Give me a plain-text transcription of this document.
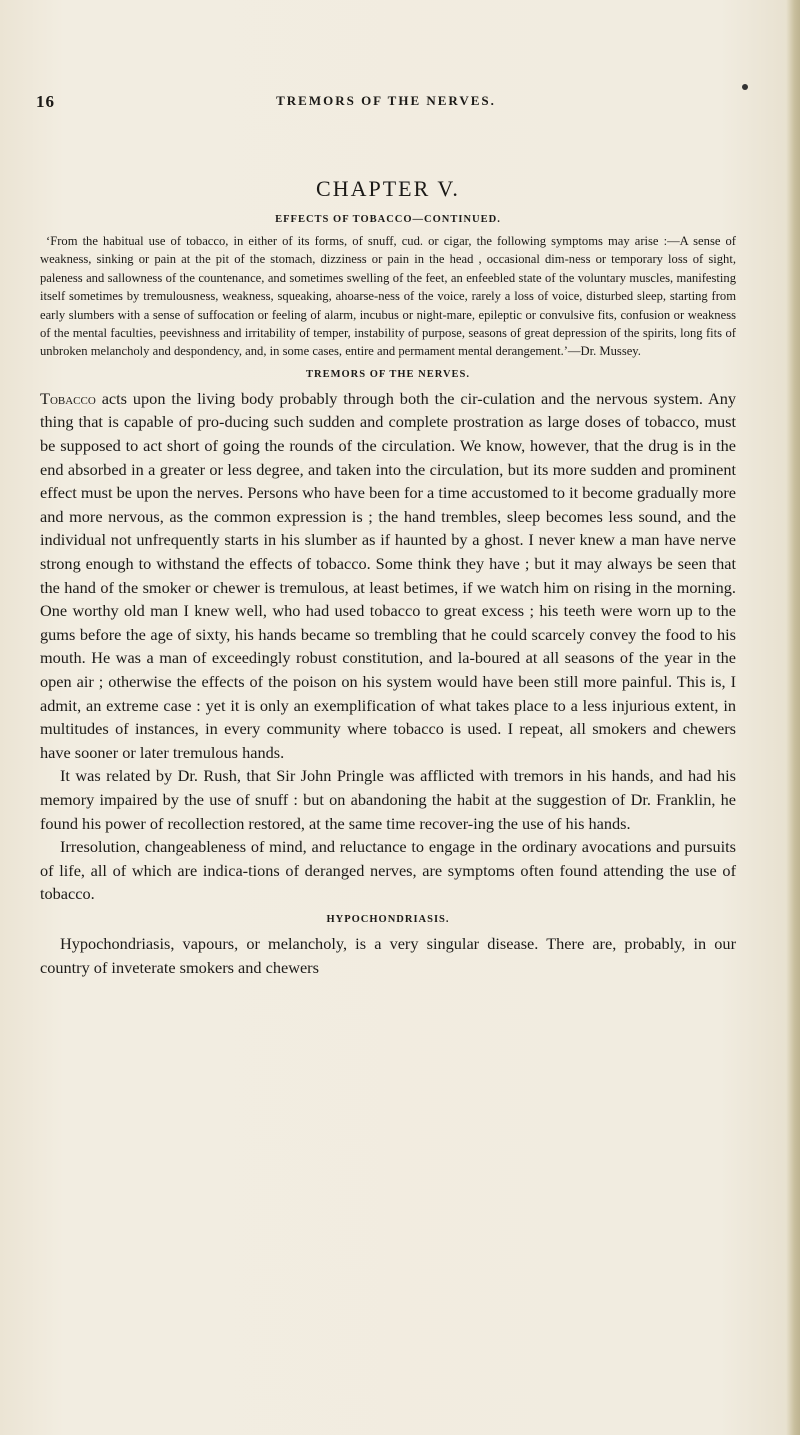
16	TREMORS OF THE NERVES.
CHAPTER V.
EFFECTS OF TOBACCO—CONTINUED.

‘From the habitual use of tobacco, in either of its forms, of snuff, cud. or cigar, the following symptoms may arise :—A sense of weakness, sinking or pain at the pit of the stomach, dizziness or pain in the head , occasional dim-ness or temporary loss of sight, paleness and sallowness of the countenance, and sometimes swelling of the feet, an enfeebled state of the voluntary muscles, manifesting itself sometimes by tremulousness, weakness, squeaking, ahoarse-ness of the voice, rarely a loss of voice, disturbed sleep, starting from early slumbers with a sense of suffocation or feeling of alarm, incubus or night-mare, epileptic or convulsive fits, confusion or weakness of the mental faculties, peevishness and irritability of temper, instability of purpose, seasons of great depression of the spirits, long fits of unbroken melancholy and despondency, and, in some cases, entire and permament mental derangement.’—Dr. Mussey.

TREMORS OF THE NERVES.

Tobacco acts upon the living body probably through both the cir-culation and the nervous system. Any thing that is capable of pro-ducing such sudden and complete prostration as large doses of tobacco, must be supposed to act short of going the rounds of the circulation. We know, however, that the drug is in the end absorbed in a greater or less degree, and taken into the circulation, but its more sudden and prominent effect must be upon the nerves. Persons who have been for a time accustomed to it become gradually more and more nervous, as the common expression is ; the hand trembles, sleep becomes less sound, and the individual not unfrequently starts in his slumber as if haunted by a ghost. I never knew a man have nerve strong enough to withstand the effects of tobacco. Some think they have ; but it may always be seen that the hand of the smoker or chewer is tremulous, at least betimes, if we watch him on rising in the morning. One worthy old man I knew well, who had used tobacco to great excess ; his teeth were worn up to the gums before the age of sixty, his hands became so trembling that he could scarcely convey the food to his mouth. He was a man of exceedingly robust constitution, and la-boured at all seasons of the year in the open air ; otherwise the effects of the poison on his system would have been still more painful. This is, I admit, an extreme case : yet it is only an exemplification of what takes place to a less injurious extent, in multitudes of instances, in every community where tobacco is used. I repeat, all smokers and chewers have sooner or later tremulous hands.

It was related by Dr. Rush, that Sir John Pringle was afflicted with tremors in his hands, and had his memory impaired by the use of snuff : but on abandoning the habit at the suggestion of Dr. Franklin, he found his power of recollection restored, at the same time recover-ing the use of his hands.

Irresolution, changeableness of mind, and reluctance to engage in the ordinary avocations and pursuits of life, all of which are indica-tions of deranged nerves, are symptoms often found attending the use of tobacco.

HYPOCHONDRIASIS.

Hypochondriasis, vapours, or melancholy, is a very singular disease. There are, probably, in our country of inveterate smokers and chewers
